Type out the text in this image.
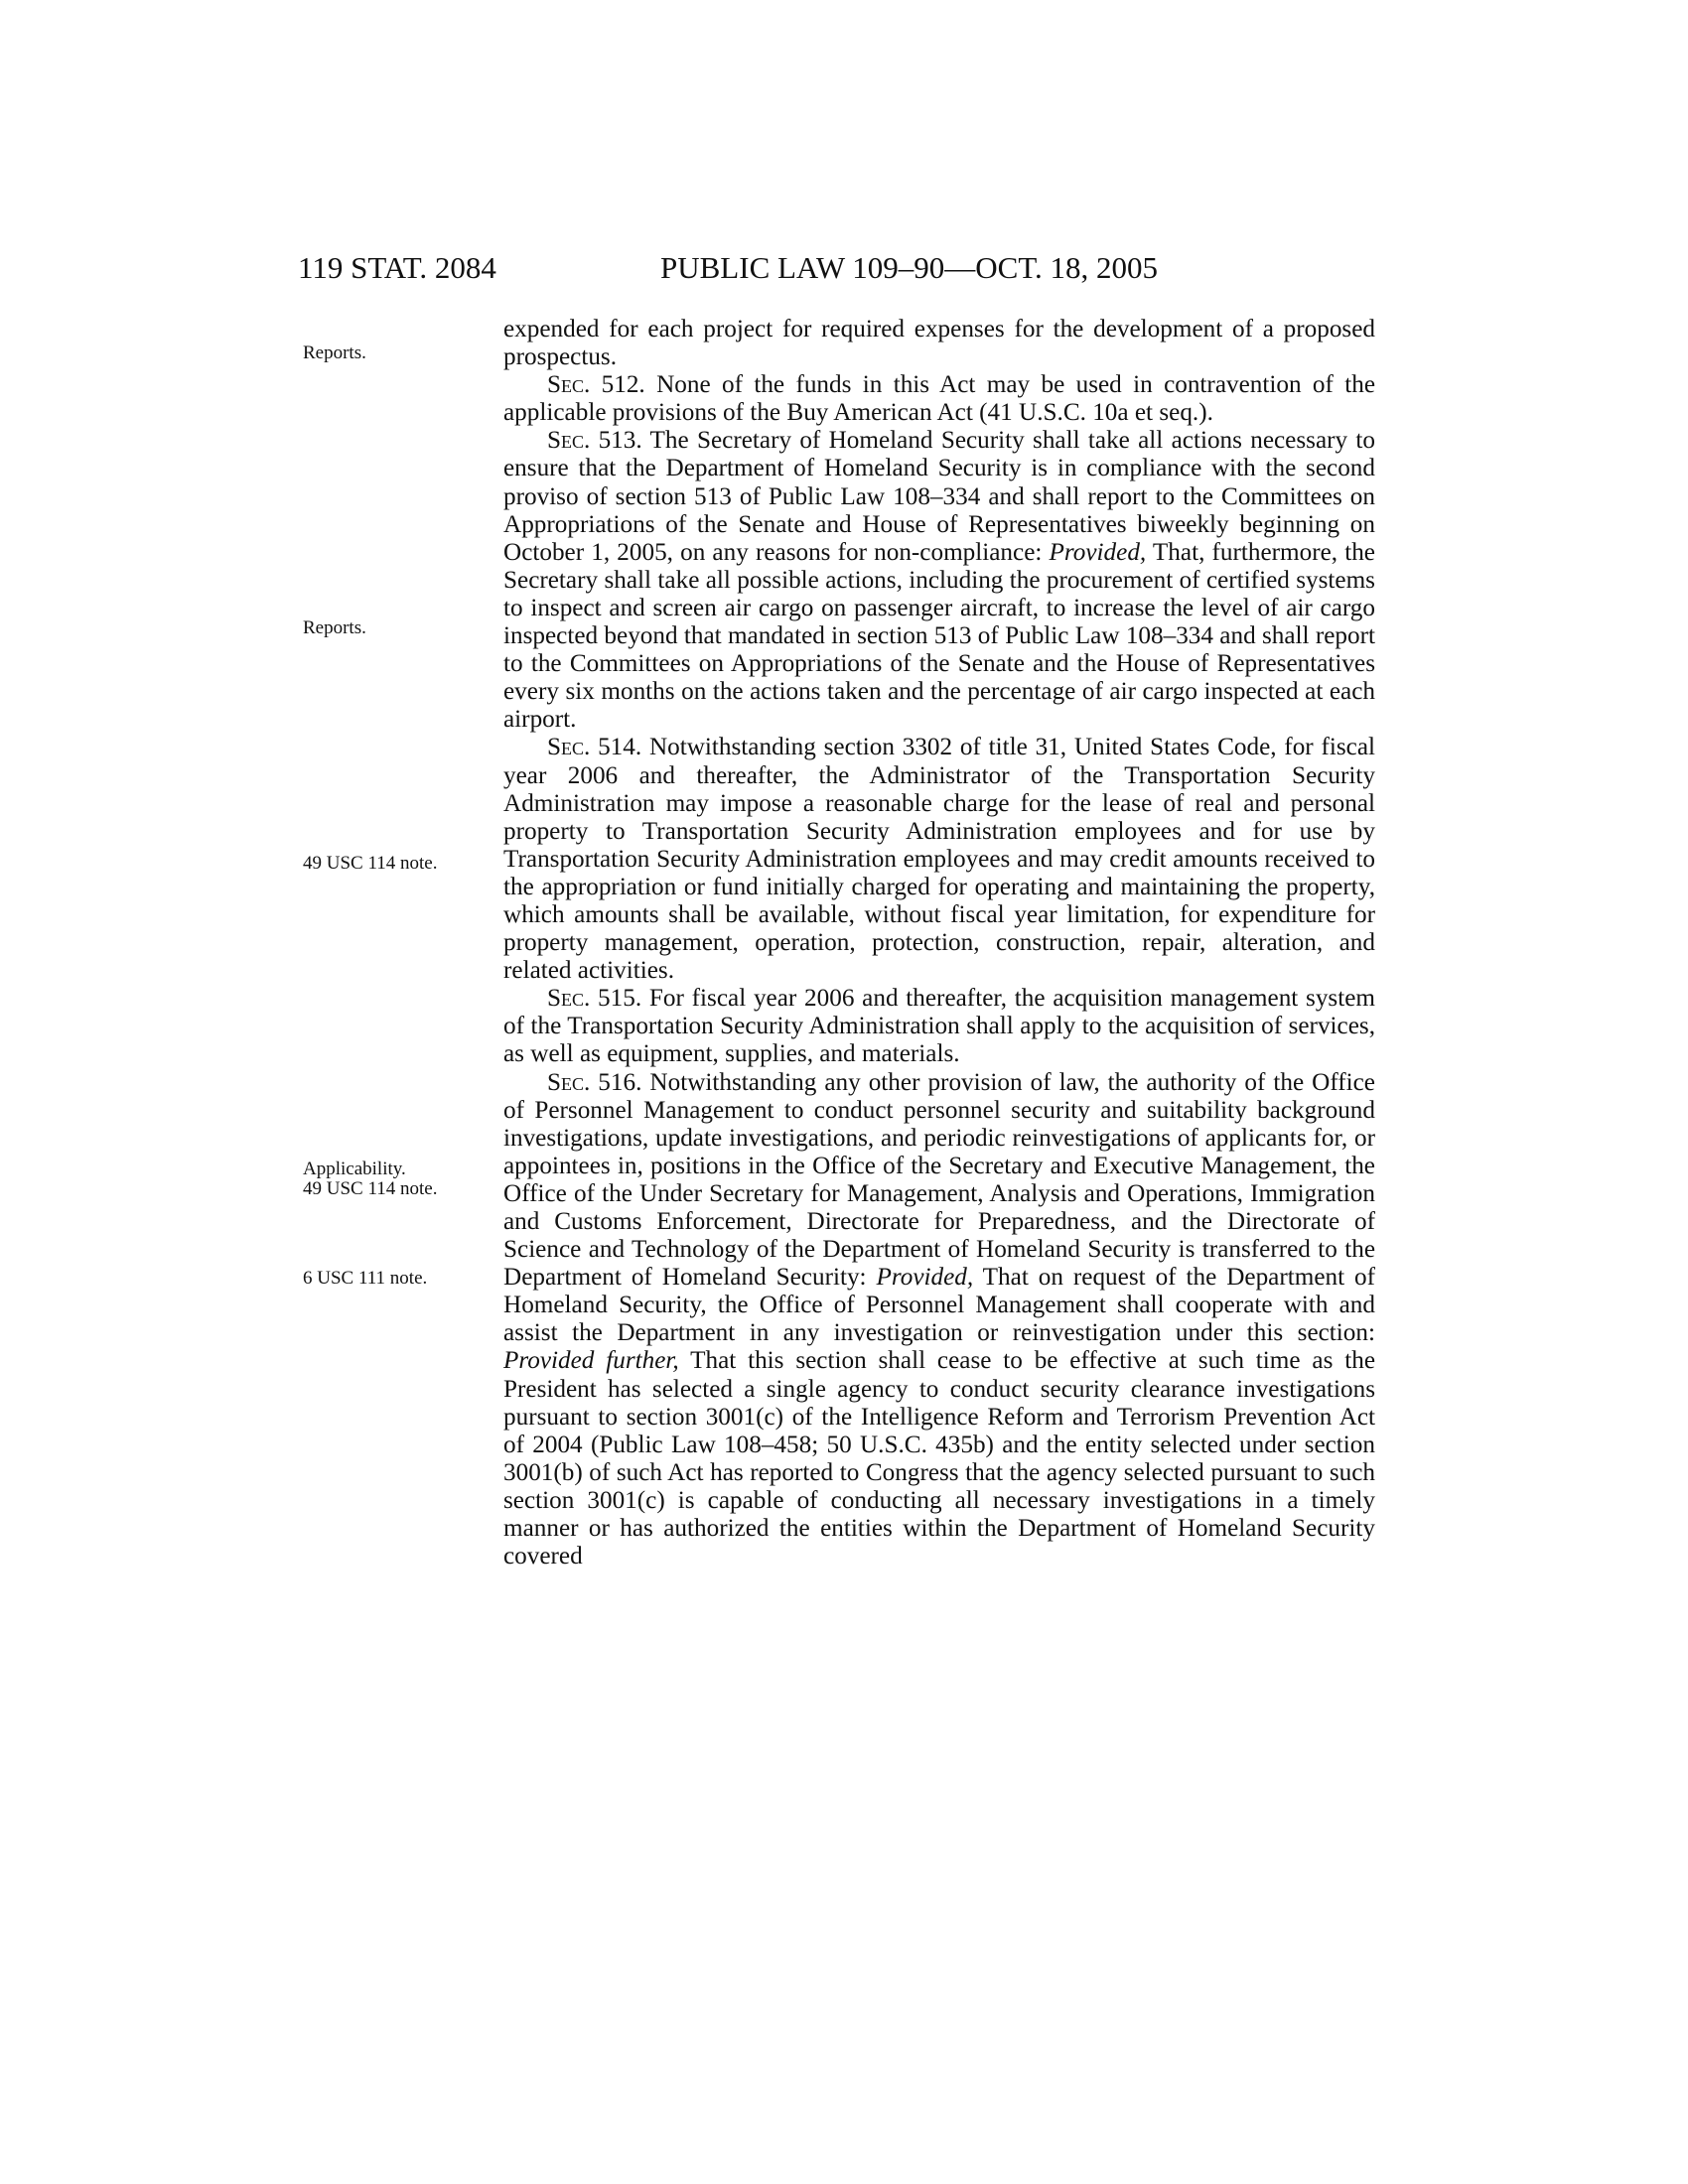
119 STAT. 2084	PUBLIC LAW 109–90—OCT. 18, 2005
Reports.
Reports.
49 USC 114 note.
Applicability.
49 USC 114 note.
6 USC 111 note.

expended for each project for required expenses for the development of a proposed prospectus.

Sec. 512. None of the funds in this Act may be used in contravention of the applicable provisions of the Buy American Act (41 U.S.C. 10a et seq.).

Sec. 513. The Secretary of Homeland Security shall take all actions necessary to ensure that the Department of Homeland Security is in compliance with the second proviso of section 513 of Public Law 108–334 and shall report to the Committees on Appropriations of the Senate and House of Representatives biweekly beginning on October 1, 2005, on any reasons for non-compliance: Provided, That, furthermore, the Secretary shall take all possible actions, including the procurement of certified systems to inspect and screen air cargo on passenger aircraft, to increase the level of air cargo inspected beyond that mandated in section 513 of Public Law 108–334 and shall report to the Committees on Appropriations of the Senate and the House of Representatives every six months on the actions taken and the percentage of air cargo inspected at each airport.

Sec. 514. Notwithstanding section 3302 of title 31, United States Code, for fiscal year 2006 and thereafter, the Administrator of the Transportation Security Administration may impose a reasonable charge for the lease of real and personal property to Transportation Security Administration employees and for use by Transportation Security Administration employees and may credit amounts received to the appropriation or fund initially charged for operating and maintaining the property, which amounts shall be available, without fiscal year limitation, for expenditure for property management, operation, protection, construction, repair, alteration, and related activities.

Sec. 515. For fiscal year 2006 and thereafter, the acquisition management system of the Transportation Security Administration shall apply to the acquisition of services, as well as equipment, supplies, and materials.

Sec. 516. Notwithstanding any other provision of law, the authority of the Office of Personnel Management to conduct personnel security and suitability background investigations, update investigations, and periodic reinvestigations of applicants for, or appointees in, positions in the Office of the Secretary and Executive Management, the Office of the Under Secretary for Management, Analysis and Operations, Immigration and Customs Enforcement, Directorate for Preparedness, and the Directorate of Science and Technology of the Department of Homeland Security is transferred to the Department of Homeland Security: Provided, That on request of the Department of Homeland Security, the Office of Personnel Management shall cooperate with and assist the Department in any investigation or reinvestigation under this section: Provided further, That this section shall cease to be effective at such time as the President has selected a single agency to conduct security clearance investigations pursuant to section 3001(c) of the Intelligence Reform and Terrorism Prevention Act of 2004 (Public Law 108–458; 50 U.S.C. 435b) and the entity selected under section 3001(b) of such Act has reported to Congress that the agency selected pursuant to such section 3001(c) is capable of conducting all necessary investigations in a timely manner or has authorized the entities within the Department of Homeland Security covered
